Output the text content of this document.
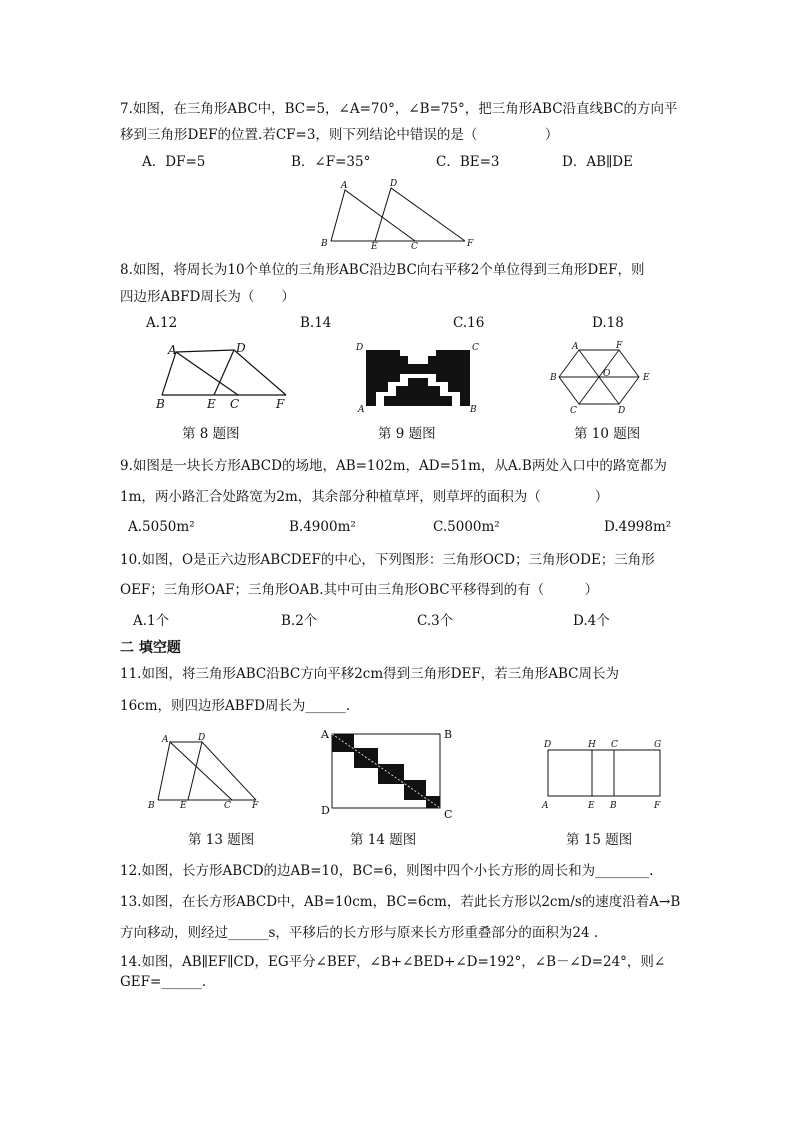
7.如图，在三角形ABC中，BC=5，∠A=70°，∠B=75°，把三角形ABC沿直线BC的方向平
移到三角形DEF的位置.若CF=3，则下列结论中错误的是（　　　　　）
A．DF=5	B．∠F=35°	C．BE=3	D．AB∥DE
A	D
B	E	C	F
8.如图，将周长为10个单位的三角形ABC沿边BC向右平移2个单位得到三角形DEF，则
四边形ABFD周长为（　　）
A.12	B.14	C.16	D.18
A	D
B	E C	F
D	C
A	B
A	F
B	O	E
C	D
第 8 题图	第 9 题图	第 10 题图
9.如图是一块长方形ABCD的场地，AB=102m，AD=51m，从A.B两处入口中的路宽都为
1m，两小路汇合处路宽为2m，其余部分种植草坪，则草坪的面积为（　　　　）
A.5050m²	B.4900m²	C.5000m²	D.4998m²
10.如图，O是正六边形ABCDEF的中心，下列图形：三角形OCD；三角形ODE；三角形
OEF；三角形OAF；三角形OAB.其中可由三角形OBC平移得到的有（　　　）
A.1个	B.2个	C.3个	D.4个
二 填空题
11.如图，将三角形ABC沿BC方向平移2cm得到三角形DEF，若三角形ABC周长为
16cm，则四边形ABFD周长为______.
A	D
B	E	C F
A	B
D	C
D	H C	G
A	E B	F
第 13 题图	第 14 题图	第 15 题图
12.如图，长方形ABCD的边AB=10，BC=6，则图中四个小长方形的周长和为________.
13.如图，在长方形ABCD中，AB=10cm，BC=6cm，若此长方形以2cm/s的速度沿着A→B
方向移动，则经过______s，平移后的长方形与原来长方形重叠部分的面积为24 .
14.如图，AB∥EF∥CD，EG平分∠BEF，∠B+∠BED+∠D=192°，∠B－∠D=24°，则∠
GEF=______.
